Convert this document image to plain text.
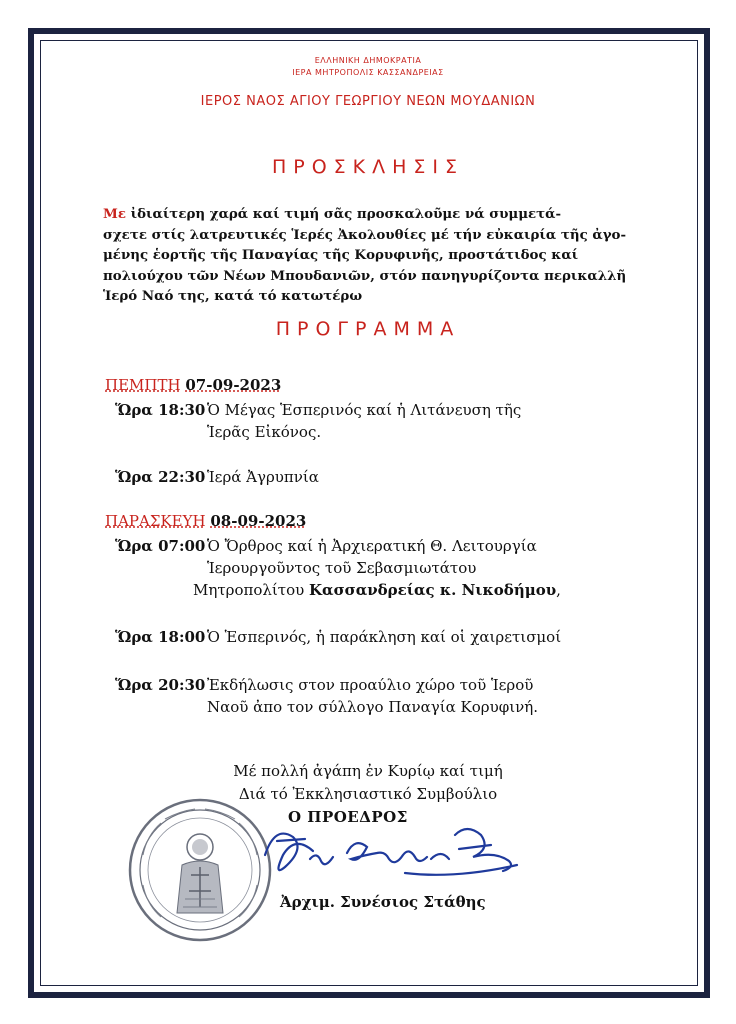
ΕΛΛΗΝΙΚΗ ΔΗΜΟΚΡΑΤΙΑ
ΙΕΡΑ ΜΗΤΡΟΠΟΛΙΣ ΚΑΣΣΑΝΔΡΕΙΑΣ
ΙΕΡΟΣ ΝΑΟΣ ΑΓΙΟΥ ΓΕΩΡΓΙΟΥ ΝΕΩΝ ΜΟΥΔΑΝΙΩΝ
ΠΡΟΣΚΛΗΣΙΣ
Με ἰδιαίτερη χαρά καί τιμή σᾶς προσκαλοῦμε νά συμμετά-
σχετε στίς λατρευτικές Ἱερές Ἀκολουθίες μέ τήν εὐκαιρία τῆς ἀγο-
μένης ἑορτῆς τῆς Παναγίας τῆς Κορυφινῆς, προστάτιδος καί
πολιούχου τῶν Νέων Μπουδανιῶν, στόν πανηγυρίζοντα περικαλλῆ
Ἱερό Ναό της, κατά τό κατωτέρω
ΠΡΟΓΡΑΜΜΑ
ΠΕΜΠΤΗ 07-09-2023
Ὥρα 18:30 Ὁ Μέγας Ἑσπερινός καί ἡ Λιτάνευση τῆς
Ἱερᾶς Εἰκόνος.
Ὥρα 22:30 Ἱερά Ἀγρυπνία
ΠΑΡΑΣΚΕΥΗ 08-09-2023
Ὥρα 07:00 Ὁ Ὄρθρος καί ἡ Ἀρχιερατική Θ. Λειτουργία
Ἱερουργοῦντος τοῦ Σεβασμιωτάτου
Μητροπολίτου Κασσανδρείας κ. Νικοδήμου,
Ὥρα 18:00 Ὁ Ἑσπερινός, ἡ παράκληση καί οἱ χαιρετισμοί
Ὥρα 20:30 Ἐκδήλωσις στον προαύλιο χώρο τοῦ Ἱεροῦ
Ναοῦ ἀπο τον σύλλογο Παναγία Κορυφινή.
Μέ πολλή ἀγάπη ἐν Κυρίῳ καί τιμή
Διά τό Ἐκκλησιαστικό Συμβούλιο
Ο ΠΡΟΕΔΡΟΣ
Ἀρχιμ. Συνέσιος Στάθης
